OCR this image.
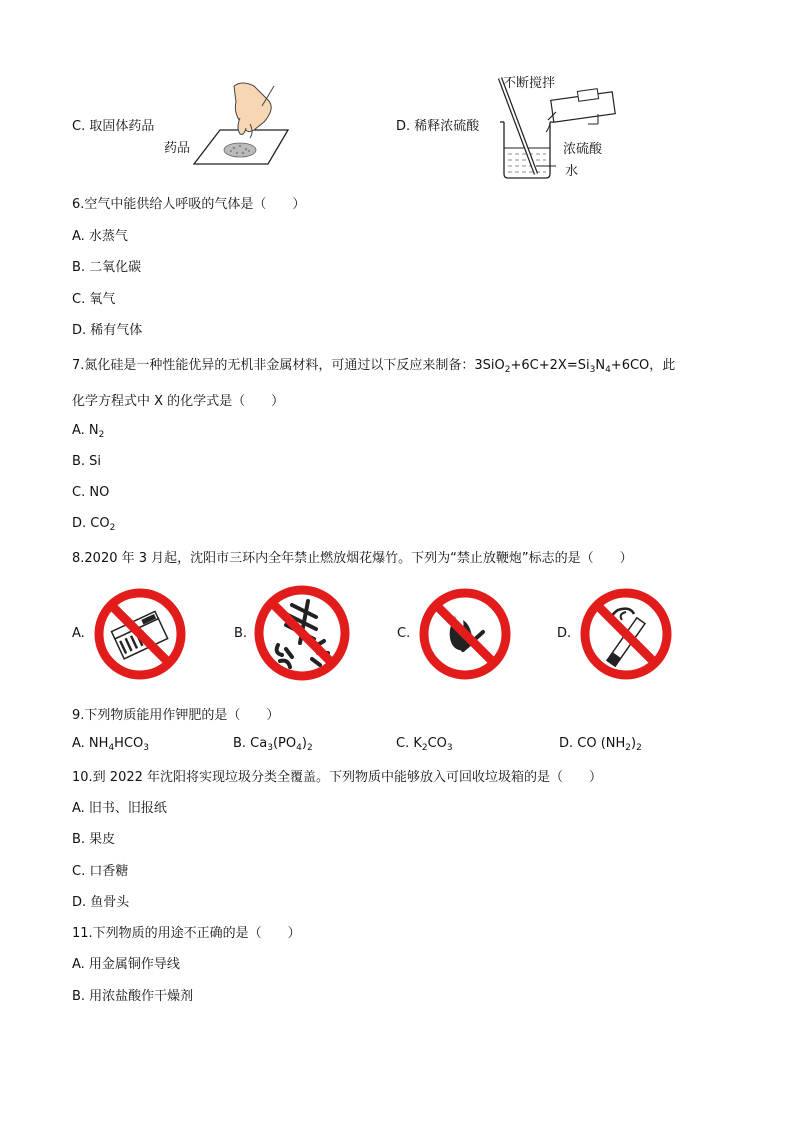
C. 取固体药品
药品
D. 稀释浓硫酸
不断搅拌
浓硫酸
水
6.空气中能供给人呼吸的气体是（　　）
A. 水蒸气
B. 二氧化碳
C. 氧气
D. 稀有气体
7.氮化硅是一种性能优异的无机非金属材料，可通过以下反应来制备：$3SiO_2+6C+2X=Si_3N_4+6CO$，此
化学方程式中 X 的化学式是（　　）
A. $N_2$
B. Si
C. NO
D. $CO_2$
8.2020 年 3 月起，沈阳市三环内全年禁止燃放烟花爆竹。下列为“禁止放鞭炮”标志的是（　　）
A.	B.	C.	D.
9.下列物质能用作钾肥的是（　　）
A. $NH_4HCO_3$	B. $Ca_3(PO_4)_2$	C. $K_2CO_3$	D. CO $(NH_2)_2$
10.到 2022 年沈阳将实现垃圾分类全覆盖。下列物质中能够放入可回收垃圾箱的是（　　）
A. 旧书、旧报纸
B. 果皮
C. 口香糖
D. 鱼骨头
11.下列物质的用途不正确的是（　　）
A. 用金属铜作导线
B. 用浓盐酸作干燥剂
